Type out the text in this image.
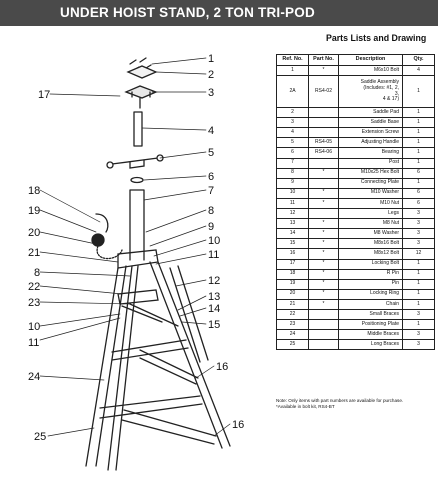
UNDER HOIST STAND, 2 TON TRI-POD
1
2
3
4
5
6
7
8
9
10
11
12
13
14
15
16
16
17
18
19
20
21
8
22
23
10
11
24
25
Parts Lists and Drawing
Ref. No.	Part No.	Description	Qty.
1	*	M6x10 Bolt	4
2A	RS4-02	Saddle Assembly
(Includes: #1, 2,
3,
4 & 17)	1
2		Saddle Pad	1
3		Saddle Base	1
4		Extension Screw	1
5	RS4-05	Adjusting Handle	1
6	RS4-06	Bearing	1
7		Post	1
8	*	M10x25 Hex Bolt	6
9		Connecting Plate	1
10	*	M10 Washer	6
11	*	M10 Nut	6
12		Legs	3
13	*	M8 Nut	3
14	*	M8 Washer	3
15	*	M8x16 Bolt	3
16	*	M8x12 Bolt	12
17	*	Locking Bolt	1
18	*	R Pin	1
19	*	Pin	1
20	*	Locking Ring	1
21	*	Chain	1
22		Small Braces	3
23		Positioning Plate	1
24		Middle Braces	3
25		Long Braces	3
Note: Only items with part numbers are available for purchase.
*Available in bolt kit, RS4-BT
